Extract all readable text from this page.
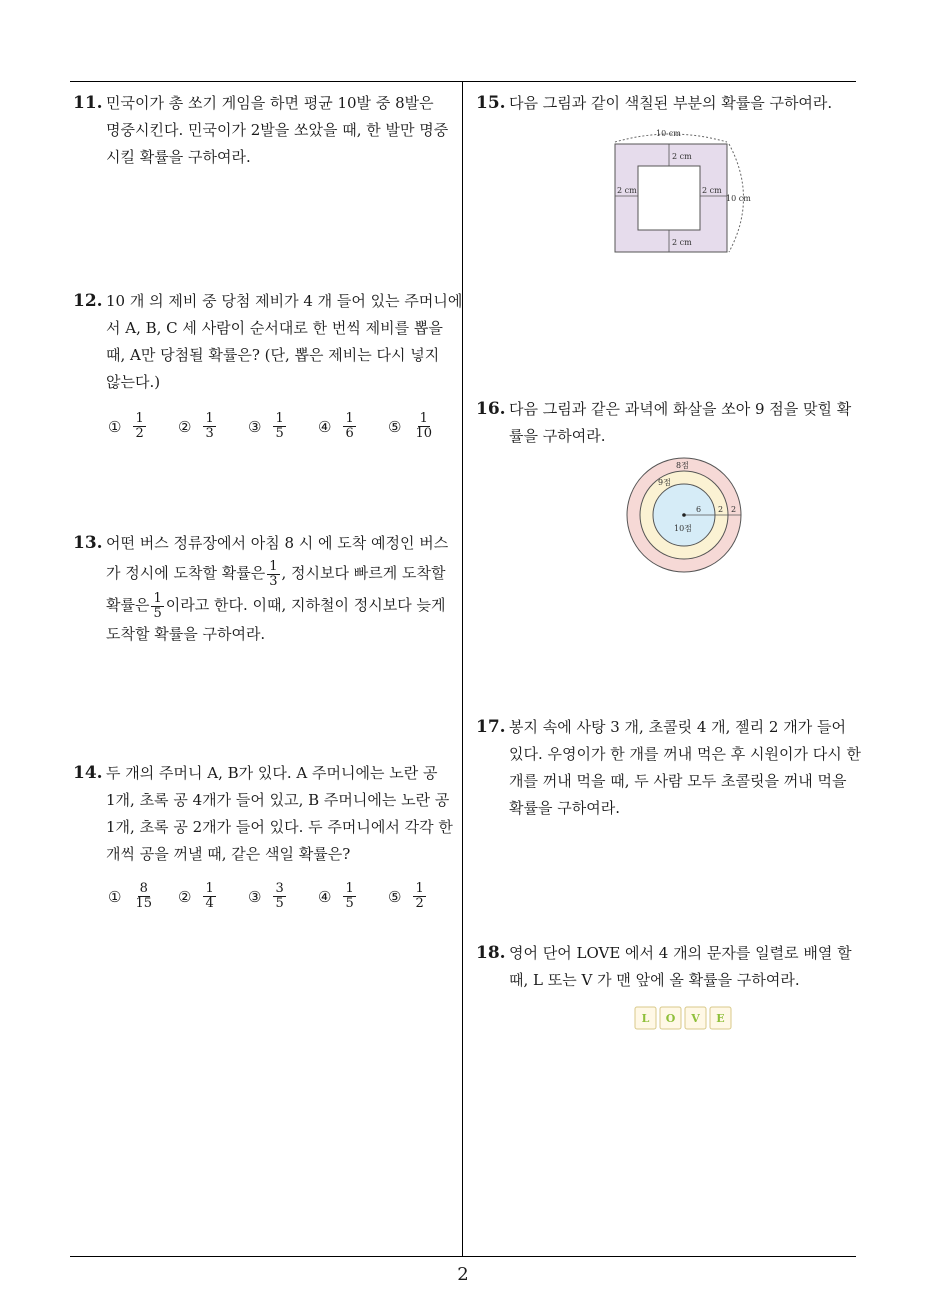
11. 민국이가 총 쏘기 게임을 하면 평균 10발 중 8발은
명중시킨다. 민국이가 2발을 쏘았을 때, 한 발만 명중
시킬 확률을 구하여라.
12. 10 개 의 제비 중 당첨 제비가 4 개 들어 있는 주머니에
서 A, B, C 세 사람이 순서대로 한 번씩 제비를 뽑을
때, A만 당첨될 확률은? (단, 뽑은 제비는 다시 넣지
않는다.)
① $\frac{1}{2}$ ② $\frac{1}{3}$ ③ $\frac{1}{5}$ ④ $\frac{1}{6}$ ⑤ $\frac{1}{10}$
13. 어떤 버스 정류장에서 아침 8 시 에 도착 예정인 버스
가 정시에 도착할 확률은 $\frac{1}{3}$ , 정시보다 빠르게 도착할
확률은 $\frac{1}{5}$ 이라고 한다. 이때, 지하철이 정시보다 늦게
도착할 확률을 구하여라.
14. 두 개의 주머니 A, B가 있다. A 주머니에는 노란 공
1개, 초록 공 4개가 들어 있고, B 주머니에는 노란 공
1개, 초록 공 2개가 들어 있다. 두 주머니에서 각각 한
개씩 공을 꺼낼 때, 같은 색일 확률은?
① $\frac{8}{15}$ ② $\frac{1}{4}$ ③ $\frac{3}{5}$ ④ $\frac{1}{5}$ ⑤ $\frac{1}{2}$
15. 다음 그림과 같이 색칠된 부분의 확률을 구하여라.
10 cm
10 cm
2 cm	2 cm
2 cm
2 cm
16. 다음 그림과 같은 과녁에 화살을 쏘아 9 점을 맞힐 확
률을 구하여라.
8점
9점
10점
6 2 2
17. 봉지 속에 사탕 3 개, 초콜릿 4 개, 젤리 2 개가 들어
있다. 우영이가 한 개를 꺼내 먹은 후 시원이가 다시 한
개를 꺼내 먹을 때, 두 사람 모두 초콜릿을 꺼내 먹을
확률을 구하여라.
18. 영어 단어 LOVE 에서 4 개의 문자를 일렬로 배열 할
때, L 또는 V 가 맨 앞에 올 확률을 구하여라.
L O V E
2
